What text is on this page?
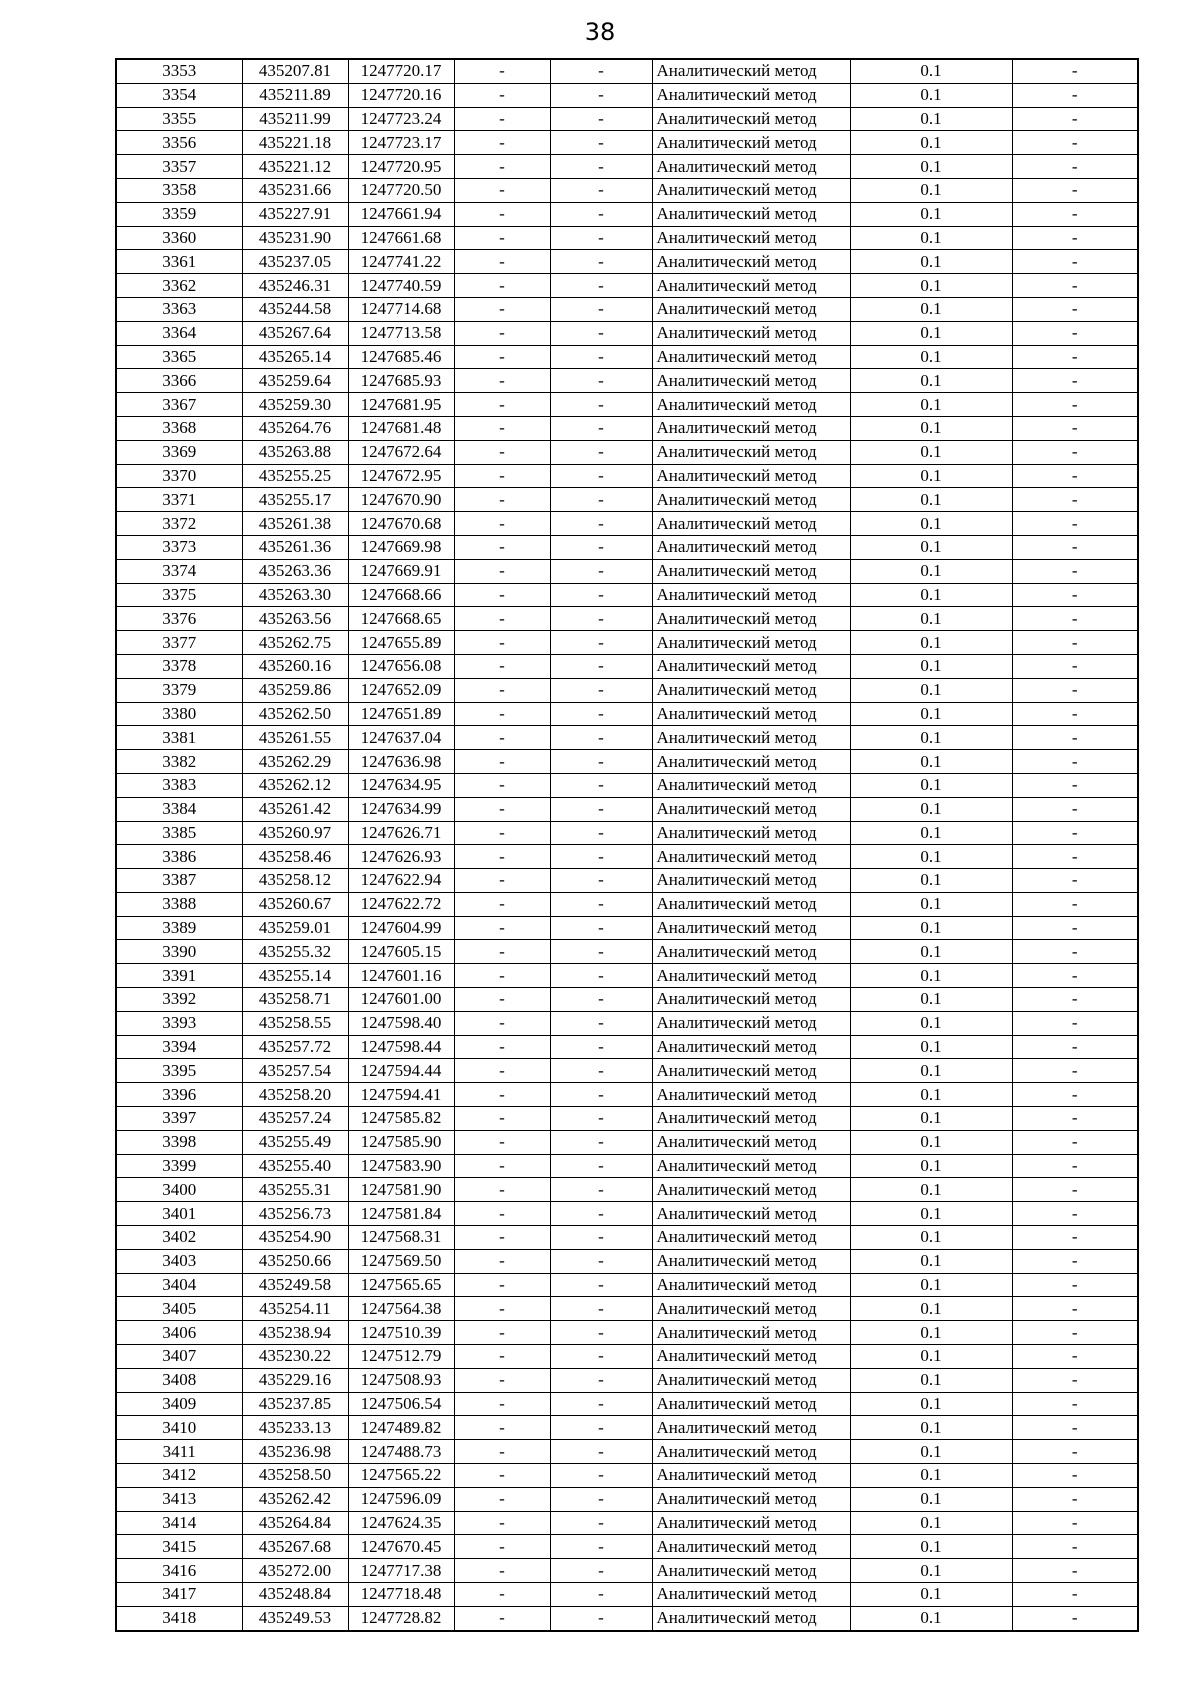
38
3353	435207.81	1247720.17	-	-	Аналитический метод	0.1	-
3354	435211.89	1247720.16	-	-	Аналитический метод	0.1	-
3355	435211.99	1247723.24	-	-	Аналитический метод	0.1	-
3356	435221.18	1247723.17	-	-	Аналитический метод	0.1	-
3357	435221.12	1247720.95	-	-	Аналитический метод	0.1	-
3358	435231.66	1247720.50	-	-	Аналитический метод	0.1	-
3359	435227.91	1247661.94	-	-	Аналитический метод	0.1	-
3360	435231.90	1247661.68	-	-	Аналитический метод	0.1	-
3361	435237.05	1247741.22	-	-	Аналитический метод	0.1	-
3362	435246.31	1247740.59	-	-	Аналитический метод	0.1	-
3363	435244.58	1247714.68	-	-	Аналитический метод	0.1	-
3364	435267.64	1247713.58	-	-	Аналитический метод	0.1	-
3365	435265.14	1247685.46	-	-	Аналитический метод	0.1	-
3366	435259.64	1247685.93	-	-	Аналитический метод	0.1	-
3367	435259.30	1247681.95	-	-	Аналитический метод	0.1	-
3368	435264.76	1247681.48	-	-	Аналитический метод	0.1	-
3369	435263.88	1247672.64	-	-	Аналитический метод	0.1	-
3370	435255.25	1247672.95	-	-	Аналитический метод	0.1	-
3371	435255.17	1247670.90	-	-	Аналитический метод	0.1	-
3372	435261.38	1247670.68	-	-	Аналитический метод	0.1	-
3373	435261.36	1247669.98	-	-	Аналитический метод	0.1	-
3374	435263.36	1247669.91	-	-	Аналитический метод	0.1	-
3375	435263.30	1247668.66	-	-	Аналитический метод	0.1	-
3376	435263.56	1247668.65	-	-	Аналитический метод	0.1	-
3377	435262.75	1247655.89	-	-	Аналитический метод	0.1	-
3378	435260.16	1247656.08	-	-	Аналитический метод	0.1	-
3379	435259.86	1247652.09	-	-	Аналитический метод	0.1	-
3380	435262.50	1247651.89	-	-	Аналитический метод	0.1	-
3381	435261.55	1247637.04	-	-	Аналитический метод	0.1	-
3382	435262.29	1247636.98	-	-	Аналитический метод	0.1	-
3383	435262.12	1247634.95	-	-	Аналитический метод	0.1	-
3384	435261.42	1247634.99	-	-	Аналитический метод	0.1	-
3385	435260.97	1247626.71	-	-	Аналитический метод	0.1	-
3386	435258.46	1247626.93	-	-	Аналитический метод	0.1	-
3387	435258.12	1247622.94	-	-	Аналитический метод	0.1	-
3388	435260.67	1247622.72	-	-	Аналитический метод	0.1	-
3389	435259.01	1247604.99	-	-	Аналитический метод	0.1	-
3390	435255.32	1247605.15	-	-	Аналитический метод	0.1	-
3391	435255.14	1247601.16	-	-	Аналитический метод	0.1	-
3392	435258.71	1247601.00	-	-	Аналитический метод	0.1	-
3393	435258.55	1247598.40	-	-	Аналитический метод	0.1	-
3394	435257.72	1247598.44	-	-	Аналитический метод	0.1	-
3395	435257.54	1247594.44	-	-	Аналитический метод	0.1	-
3396	435258.20	1247594.41	-	-	Аналитический метод	0.1	-
3397	435257.24	1247585.82	-	-	Аналитический метод	0.1	-
3398	435255.49	1247585.90	-	-	Аналитический метод	0.1	-
3399	435255.40	1247583.90	-	-	Аналитический метод	0.1	-
3400	435255.31	1247581.90	-	-	Аналитический метод	0.1	-
3401	435256.73	1247581.84	-	-	Аналитический метод	0.1	-
3402	435254.90	1247568.31	-	-	Аналитический метод	0.1	-
3403	435250.66	1247569.50	-	-	Аналитический метод	0.1	-
3404	435249.58	1247565.65	-	-	Аналитический метод	0.1	-
3405	435254.11	1247564.38	-	-	Аналитический метод	0.1	-
3406	435238.94	1247510.39	-	-	Аналитический метод	0.1	-
3407	435230.22	1247512.79	-	-	Аналитический метод	0.1	-
3408	435229.16	1247508.93	-	-	Аналитический метод	0.1	-
3409	435237.85	1247506.54	-	-	Аналитический метод	0.1	-
3410	435233.13	1247489.82	-	-	Аналитический метод	0.1	-
3411	435236.98	1247488.73	-	-	Аналитический метод	0.1	-
3412	435258.50	1247565.22	-	-	Аналитический метод	0.1	-
3413	435262.42	1247596.09	-	-	Аналитический метод	0.1	-
3414	435264.84	1247624.35	-	-	Аналитический метод	0.1	-
3415	435267.68	1247670.45	-	-	Аналитический метод	0.1	-
3416	435272.00	1247717.38	-	-	Аналитический метод	0.1	-
3417	435248.84	1247718.48	-	-	Аналитический метод	0.1	-
3418	435249.53	1247728.82	-	-	Аналитический метод	0.1	-
